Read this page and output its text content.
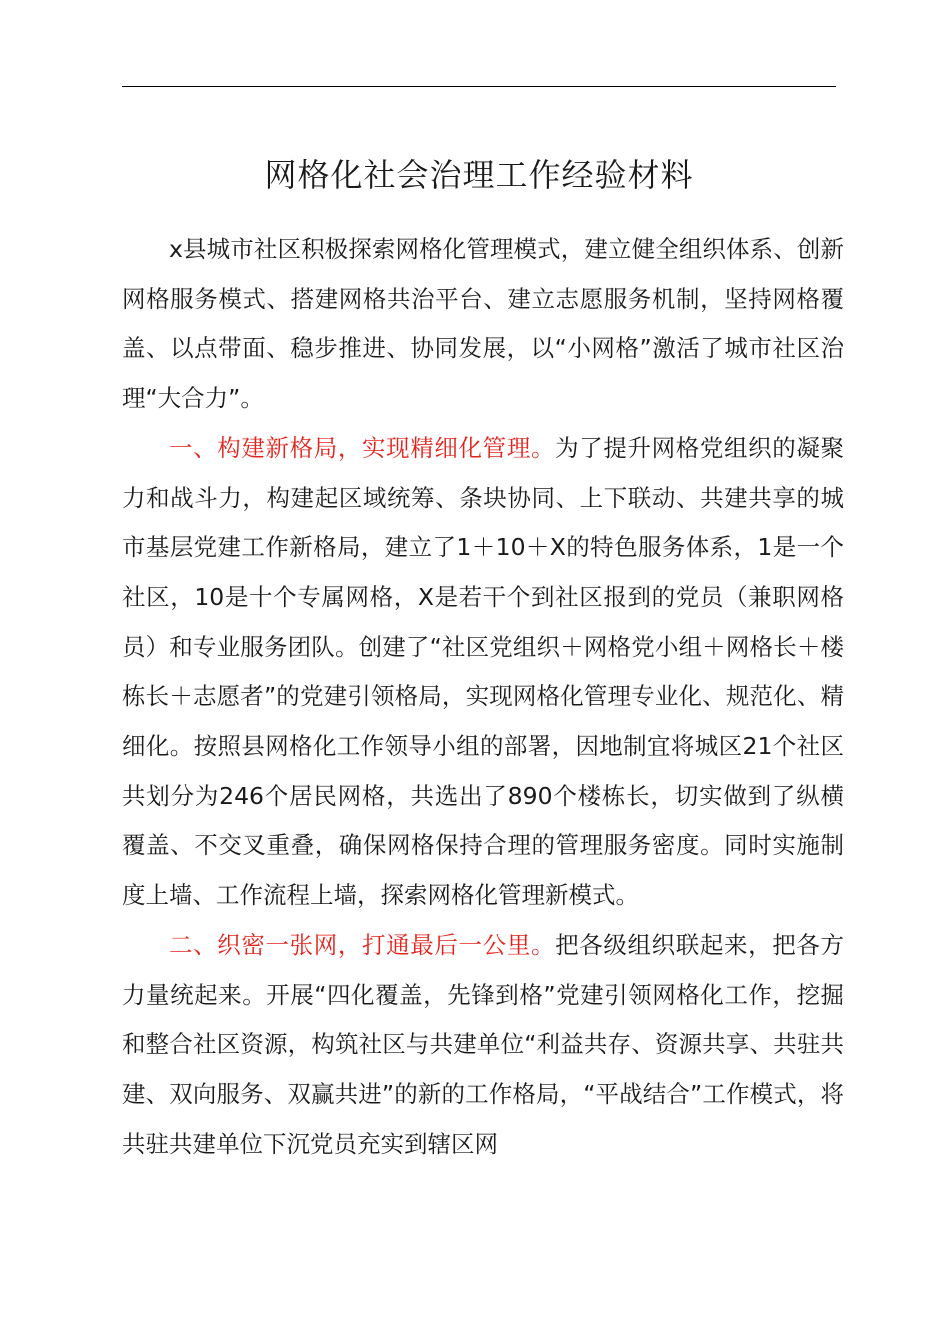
网格化社会治理工作经验材料

x县城市社区积极探索网格化管理模式，建立健全组织体系、创新网格服务模式、搭建网格共治平台、建立志愿服务机制，坚持网格覆盖、以点带面、稳步推进、协同发展，以“小网格”激活了城市社区治理“大合力”。

一、构建新格局，实现精细化管理。为了提升网格党组织的凝聚力和战斗力，构建起区域统筹、条块协同、上下联动、共建共享的城市基层党建工作新格局，建立了1＋10＋X的特色服务体系，1是一个社区，10是十个专属网格，X是若干个到社区报到的党员（兼职网格员）和专业服务团队。创建了“社区党组织＋网格党小组＋网格长＋楼栋长＋志愿者”的党建引领格局，实现网格化管理专业化、规范化、精细化。按照县网格化工作领导小组的部署，因地制宜将城区21个社区共划分为246个居民网格，共选出了890个楼栋长，切实做到了纵横覆盖、不交叉重叠，确保网格保持合理的管理服务密度。同时实施制度上墙、工作流程上墙，探索网格化管理新模式。

二、织密一张网，打通最后一公里。把各级组织联起来，把各方力量统起来。开展“四化覆盖，先锋到格”党建引领网格化工作，挖掘和整合社区资源，构筑社区与共建单位“利益共存、资源共享、共驻共建、双向服务、双赢共进”的新的工作格局，“平战结合”工作模式，将共驻共建单位下沉党员充实到辖区网
